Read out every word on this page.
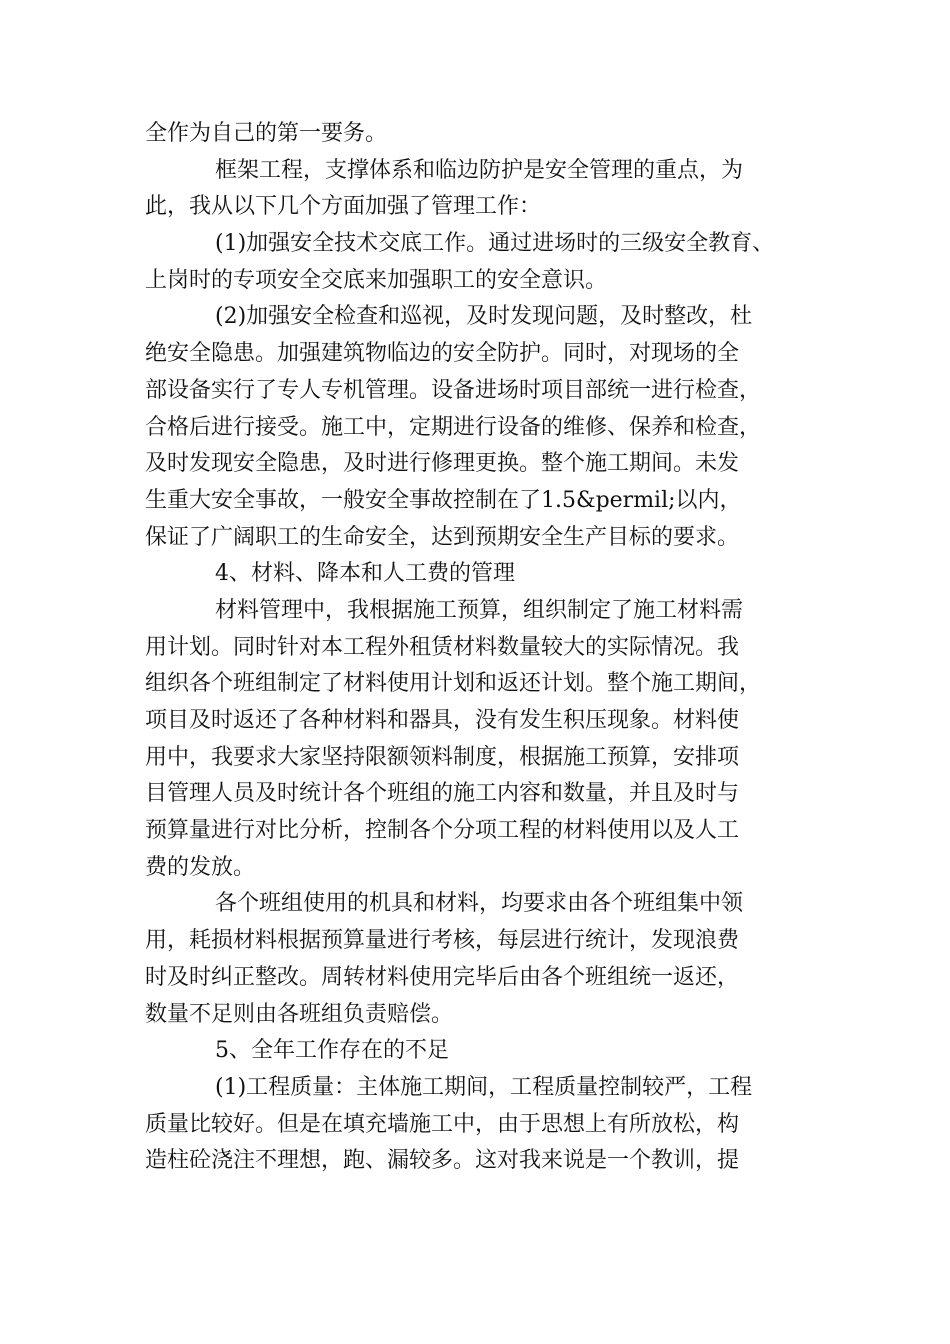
全作为自己的第一要务。
框架工程，支撑体系和临边防护是安全管理的重点，为
此，我从以下几个方面加强了管理工作：
(1)加强安全技术交底工作。通过进场时的三级安全教育、
上岗时的专项安全交底来加强职工的安全意识。
(2)加强安全检查和巡视，及时发现问题，及时整改，杜
绝安全隐患。加强建筑物临边的安全防护。同时，对现场的全
部设备实行了专人专机管理。设备进场时项目部统一进行检查，
合格后进行接受。施工中，定期进行设备的维修、保养和检查，
及时发现安全隐患，及时进行修理更换。整个施工期间。未发
生重大安全事故，一般安全事故控制在了1.5&permil;以内，
保证了广阔职工的生命安全，达到预期安全生产目标的要求。
4、材料、降本和人工费的管理
材料管理中，我根据施工预算，组织制定了施工材料需
用计划。同时针对本工程外租赁材料数量较大的实际情况。我
组织各个班组制定了材料使用计划和返还计划。整个施工期间，
项目及时返还了各种材料和器具，没有发生积压现象。材料使
用中，我要求大家坚持限额领料制度，根据施工预算，安排项
目管理人员及时统计各个班组的施工内容和数量，并且及时与
预算量进行对比分析，控制各个分项工程的材料使用以及人工
费的发放。
各个班组使用的机具和材料，均要求由各个班组集中领
用，耗损材料根据预算量进行考核，每层进行统计，发现浪费
时及时纠正整改。周转材料使用完毕后由各个班组统一返还，
数量不足则由各班组负责赔偿。
5、全年工作存在的不足
(1)工程质量：主体施工期间，工程质量控制较严，工程
质量比较好。但是在填充墙施工中，由于思想上有所放松，构
造柱砼浇注不理想，跑、漏较多。这对我来说是一个教训，提
